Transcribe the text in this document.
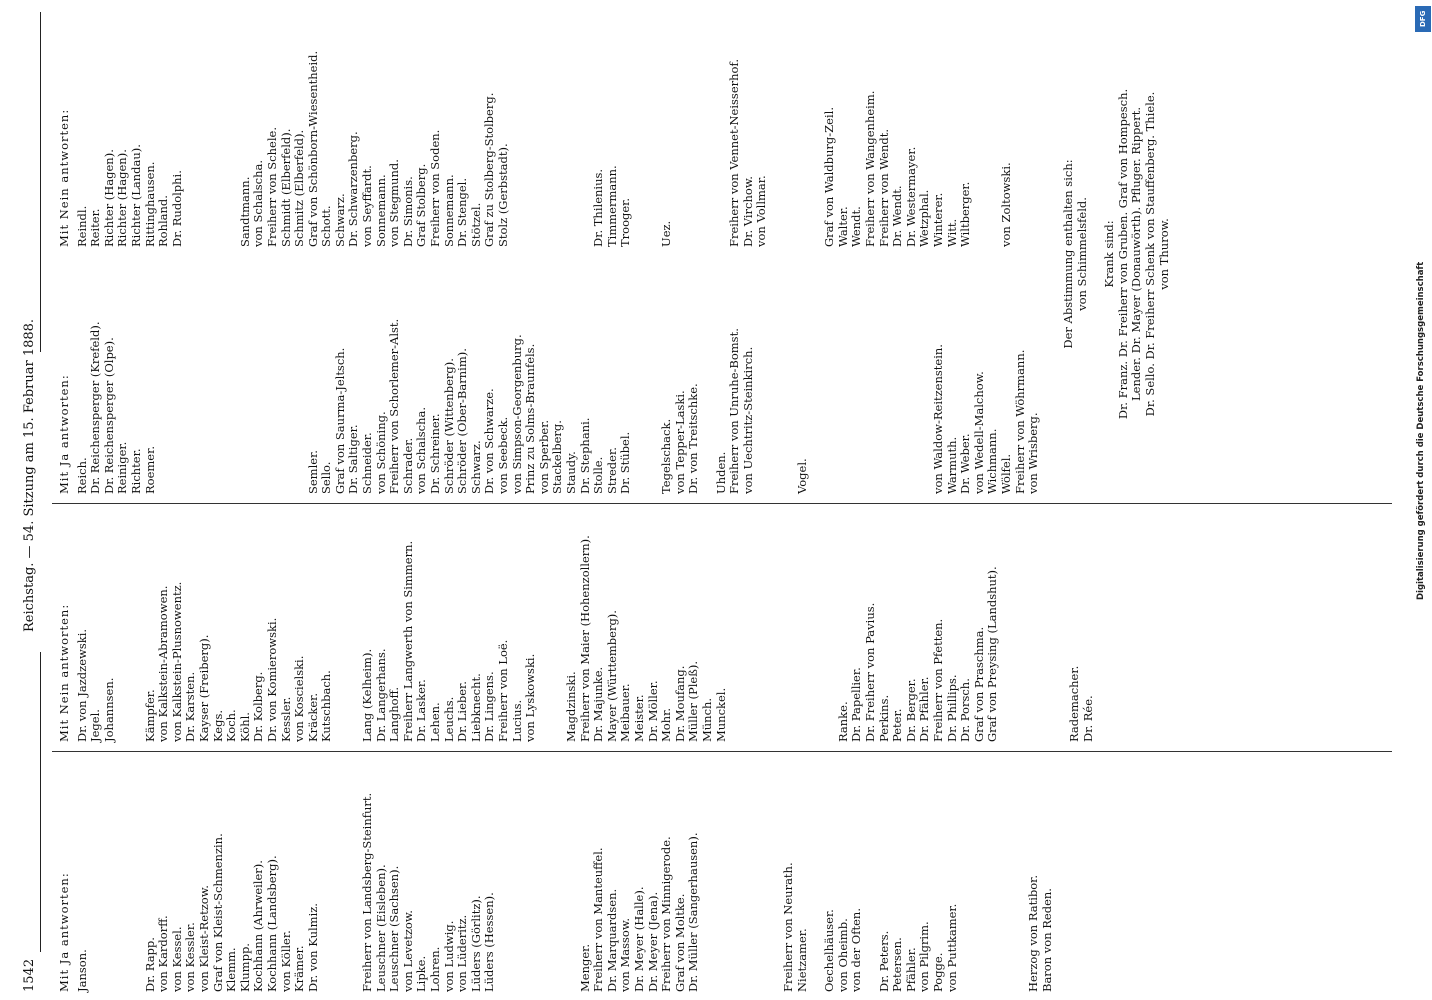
1542
Reichstag. — 54. Sitzung am 15. Februar 1888.
Mit Ja antworten: Janson.	Dr. Rapp. von Kardorff. von Kessel. von Kessler. von Kleist-Retzow. Graf von Kleist-Schmenzin. Klemm. Klumpp. Kochhann (Ahrweiler). Kochhann (Landsberg). von Köller. Krämer. Dr. von Kulmiz.	Freiherr von Landsberg-Steinfurt. Leuschner (Eisleben). Leuschner (Sachsen). von Levetzow. Lipke. Lohren. von Ludwig. von Lüderitz. Lüders (Görlitz). Lüders (Hessen).	Menger. Freiherr von Manteuffel. Dr. Marquardsen. von Massow. Dr. Meyer (Halle). Dr. Meyer (Jena). Freiherr von Minnigerode. Graf von Moltke. Dr. Müller (Sangerhausen).	Freiherr von Neurath. Nietzamer. Oechelhäuser. von Oheimb. von der Often. Dr. Peters. Petersen. Pfähler. von Pilgrim. Pogge. von Puttkamer.	Herzog von Ratibor. Baron von Reden.
Mit Nein antworten: Dr. von Jazdzewski. Jegel. Johannsen. Kämpfer. von Kalkstein-Abramowen. von Kalkstein-Plusnowentz. Dr. Karsten. Kayser (Freiberg). Kegs. Koch. Köhl. Dr. Kolberg. Dr. von Komierowski. Kessler. von Koscielski. Kräcker. Kutschbach. Lang (Kelheim). Dr. Langerhans. Langhoff. Freiherr Langwerth von Simmern. Dr. Lasker. Lehen. Leuchs. Dr. Lieber. Liebknecht. Dr. Lingens. Freiherr von Loë. Lucius. von Lyskowski. Magdzinski. Freiherr von Maier (Hohenzollern). Dr. Majunke. Mayer (Württemberg). Meibauer. Meister. Dr. Möller. Mohr. Dr. Moufang. Müller (Pleß). Münch. Munckel.	Ranke. Dr. Papellier. Dr. Freiherr von Pavius. Perkins. Peter. Dr. Berger. Dr. Pfähler. Freiherr von Pfetten. Dr. Phillips. Dr. Porsch. Graf von Praschma. Graf von Preysing (Landshut).	Rademacher. Dr. Rée.
Mit Ja antworten: Reich. Dr. Reichensperger (Krefeld). Dr. Reichensperger (Olpe). Reiniger. Richter. Roemer.	Semler. Sello. Graf von Saurma-Jeltsch. Dr. Saltiger. Schneider. von Schöning. Freiherr von Schorlemer-Alst. Schrader. von Schalscha. Dr. Schreiner. Schröder (Wittenberg). Schröder (Ober-Barnim). Schwarz. Dr. von Schwarze. von Seebeck. von Simpson-Georgenburg. Prinz zu Solms-Braunfels. von Sperber. Stackelberg. Staudy. Dr. Stephani. Stolle. Streder. Dr. Stübel. Tegelschack. von Tepper-Laski. Dr. von Treitschke. Uhden. Freiherr von Unruhe-Bomst. von Uechtritz-Steinkirch.	Vogel.	von Waldow-Reitzenstein. Warmuth. Dr. Weber. von Wedell-Malchow. Wichmann. Wölfel. Freiherr von Wöhrmann. von Wrisberg.
Mit Nein antworten: Reindl. Reiter. Richter (Hagen). Richter (Hagen). Richter (Landau). Rittinghausen. Rohland. Dr. Rudolphi.	Sandtmann. von Schalscha. Freiherr von Schele. Schmidt (Elberfeld). Schmitz (Elberfeld). Graf von Schönborn-Wiesentheid. Schott. Schwarz. Dr. Schwarzenberg. von Seyffardt. Sonnemann. von Stegmund. Dr. Simonis. Graf Stolberg. Freiherr von Soden. Sonnemann. Dr. Stengel. Stötzel. Graf zu Stolberg-Stolberg. Stolz (Gerbstadt).	Dr. Thilenius. Timmermann. Trooger. Uez.	Freiherr von Vennet-Neisserhof. Dr. Virchow. von Vollmar.	Graf von Waldburg-Zeil. Walter. Wendt. Freiherr von Wangenheim. Freiherr von Wendt. Dr. Wendt. Dr. Westermayer. Wetzphal. Winterer. Witt. Wiltberger. von Zoltowski.	Der Abstimmung enthalten sich: von Schimmelsfeld. Krank sind: Dr. Franz. Dr. Freiherr von Gruben. Graf von Hompesch. Lender. Dr. Mayer (Donauwörth). Pfluger. Rippert. Dr. Sello. Dr. Freiherr Schenk von Stauffenberg. Thiele. von Thurow.
DFG
Digitalisierung gefördert durch die Deutsche Forschungsgemeinschaft
